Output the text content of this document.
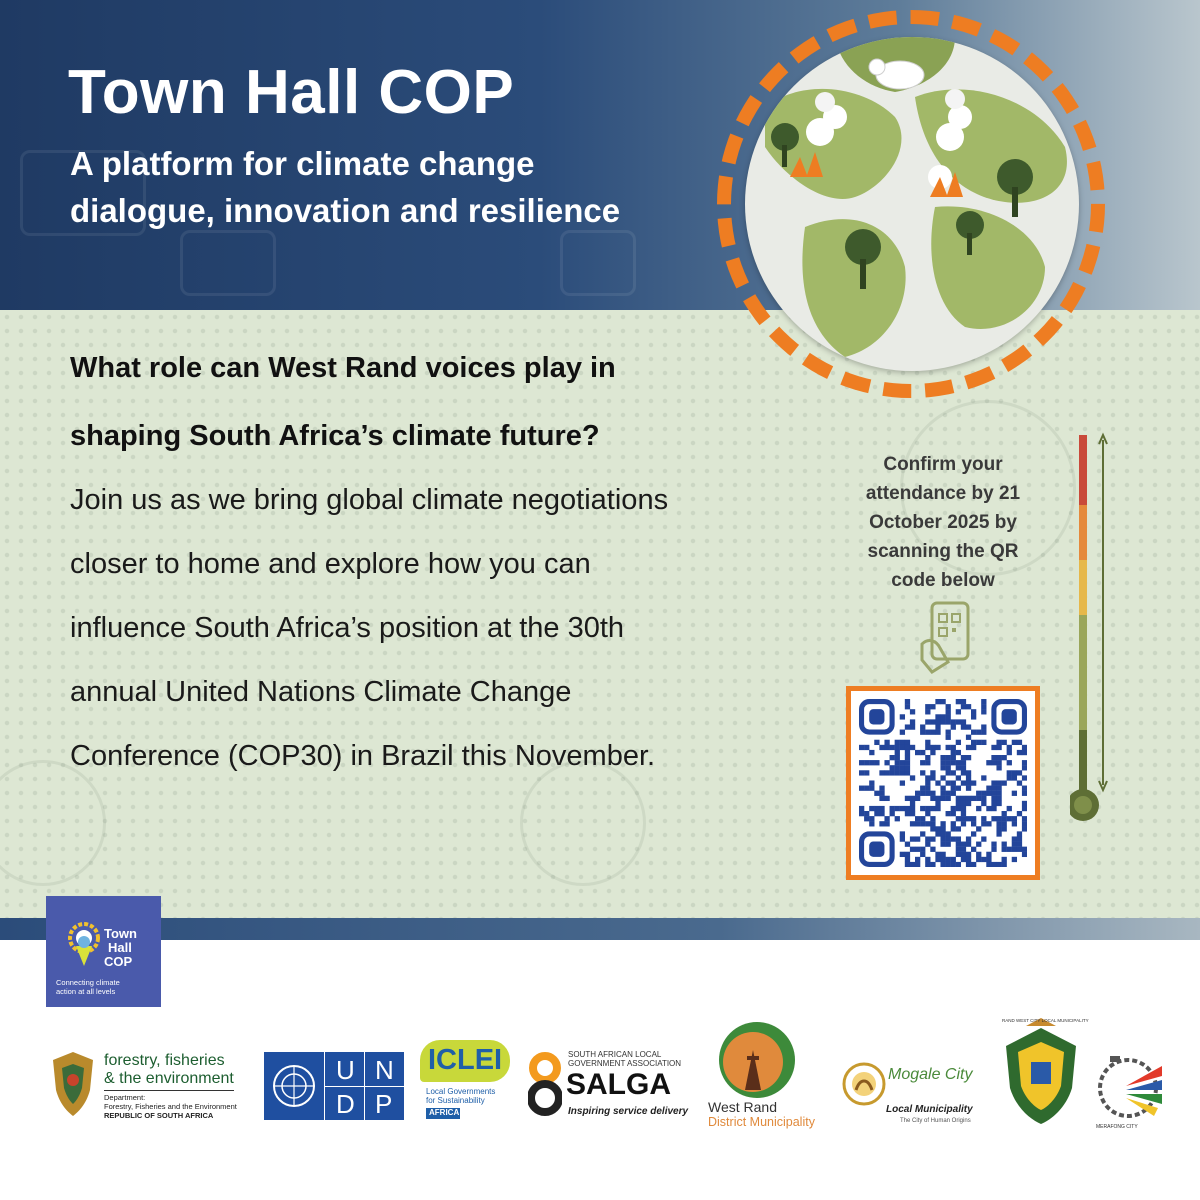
Town Hall COP

A platform for climate change

dialogue, innovation and resilience

What role can West Rand voices play in

shaping South Africa’s climate future?

Join us as we bring global climate negotiations

closer to home and explore how you can

influence South Africa’s position at the 30th

annual United Nations Climate Change

Conference (COP30) in Brazil this November.

Confirm your
attendance by 21
October 2025 by
scanning the QR
code below

Town

Hall

COP

Connecting climate
action at all levels

forestry, fisheries

& the environment

Department:

Forestry, Fisheries and the Environment

REPUBLIC OF SOUTH AFRICA

U N

D P

ICLEI

Local Governments

for Sustainability

AFRICA

SOUTH AFRICAN LOCAL

GOVERNMENT ASSOCIATION

SALGA

Inspiring service delivery West Rand

District Municipality

Mogale City

Local Municipality

The City of Human Origins

RAND WEST CITY LOCAL MUNICIPALITY

MERAFONG CITY
